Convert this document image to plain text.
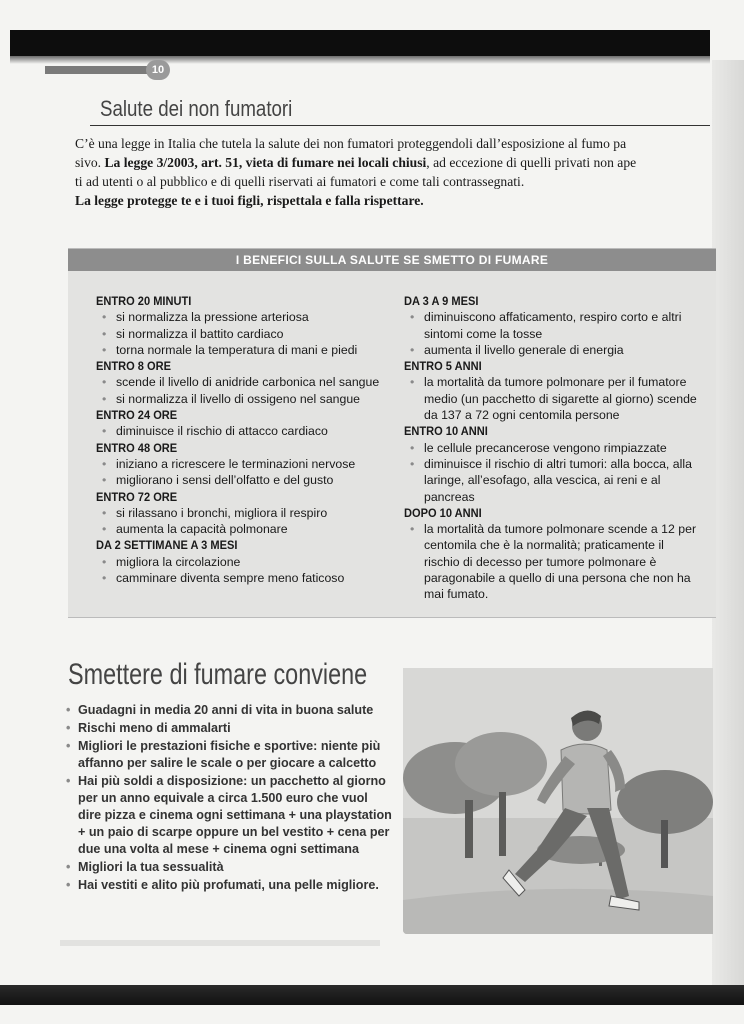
10
Salute dei non fumatori

C’è una legge in Italia che tutela la salute dei non fumatori proteggendoli dall’esposizione al fumo pa
sivo. La legge 3/2003, art. 51, vieta di fumare nei locali chiusi, ad eccezione di quelli privati non ape
ti ad utenti o al pubblico e di quelli riservati ai fumatori e come tali contrassegnati.

La legge protegge te e i tuoi figli, rispettala e falla rispettare.

I BENEFICI SULLA SALUTE SE SMETTO DI FUMARE
ENTRO 20 MINUTI
• si normalizza la pressione arteriosa
• si normalizza il battito cardiaco
• torna normale la temperatura di mani e piedi
ENTRO 8 ORE
• scende il livello di anidride carbonica nel sangue
• si normalizza il livello di ossigeno nel sangue
ENTRO 24 ORE
• diminuisce il rischio di attacco cardiaco
ENTRO 48 ORE
• iniziano a ricrescere le terminazioni nervose
• migliorano i sensi dell’olfatto e del gusto
ENTRO 72 ORE
• si rilassano i bronchi, migliora il respiro
• aumenta la capacità polmonare
DA 2 SETTIMANE A 3 MESI
• migliora la circolazione
• camminare diventa sempre meno faticoso
DA 3 A 9 MESI
• diminuiscono affaticamento, respiro corto e altri sintomi come la tosse
• aumenta il livello generale di energia
ENTRO 5 ANNI
• la mortalità da tumore polmonare per il fumatore medio (un pacchetto di sigarette al giorno) scende da 137 a 72 ogni centomila persone
ENTRO 10 ANNI
• le cellule precancerose vengono rimpiazzate
• diminuisce il rischio di altri tumori: alla bocca, alla laringe, all’esofago, alla vescica, ai reni e al pancreas
DOPO 10 ANNI
• la mortalità da tumore polmonare scende a 12 per centomila che è la normalità; praticamente il rischio di decesso per tumore polmonare è paragonabile a quello di una persona che non ha mai fumato.
Smettere di fumare conviene
• Guadagni in media 20 anni di vita in buona salute
• Rischi meno di ammalarti
• Migliori le prestazioni fisiche e sportive: niente più affanno per salire le scale o per giocare a calcetto
• Hai più soldi a disposizione: un pacchetto al giorno per un anno equivale a circa 1.500 euro che vuol dire pizza e cinema ogni settimana + una playstation + un paio di scarpe oppure un bel vestito + cena per due una volta al mese + cinema ogni settimana
• Migliori la tua sessualità
• Hai vestiti e alito più profumati, una pelle migliore.
